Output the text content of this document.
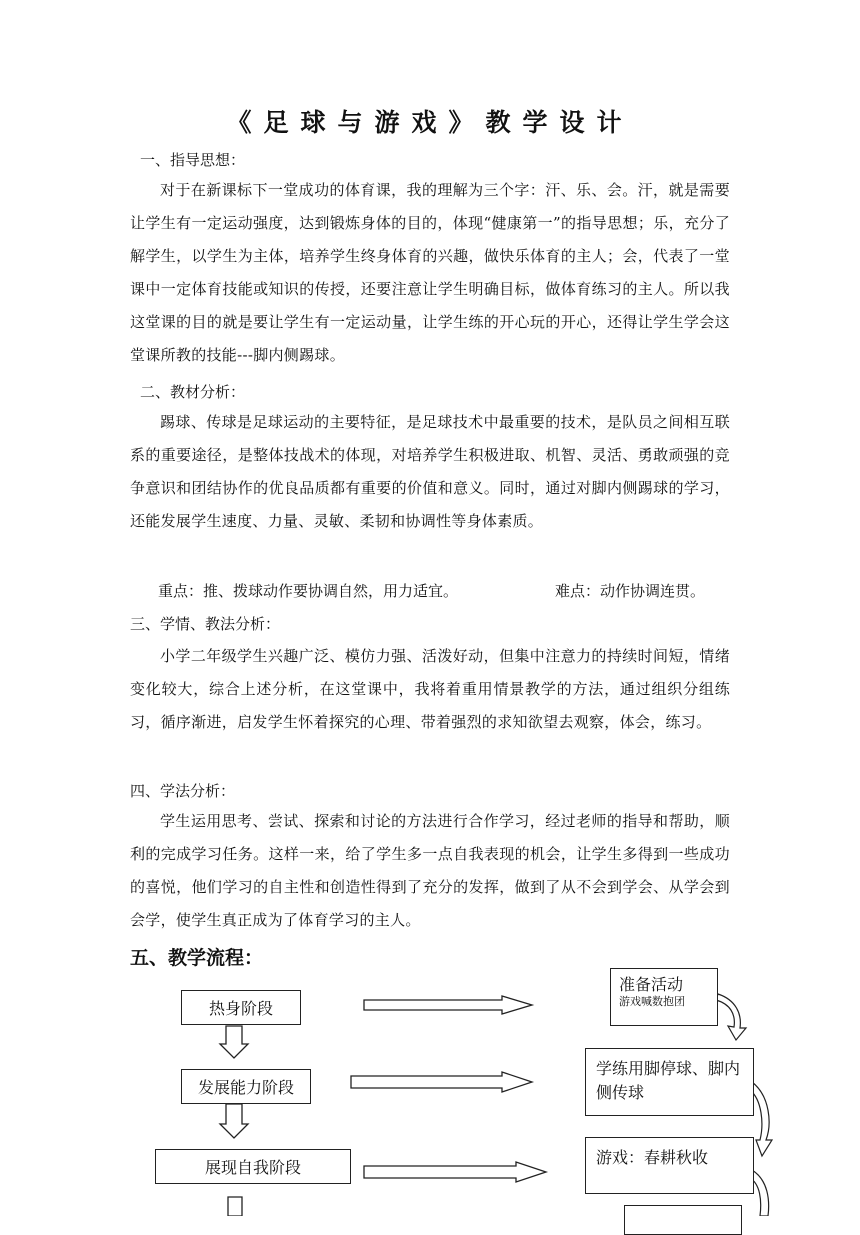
《足球与游戏》教学设计
一、指导思想：

对于在新课标下一堂成功的体育课，我的理解为三个字：汗、乐、会。汗，就是需要让学生有一定运动强度，达到锻炼身体的目的，体现“健康第一”的指导思想；乐，充分了解学生，以学生为主体，培养学生终身体育的兴趣，做快乐体育的主人；会，代表了一堂课中一定体育技能或知识的传授，还要注意让学生明确目标，做体育练习的主人。所以我这堂课的目的就是要让学生有一定运动量，让学生练的开心玩的开心，还得让学生学会这堂课所教的技能---脚内侧踢球。

二、教材分析：

踢球、传球是足球运动的主要特征，是足球技术中最重要的技术，是队员之间相互联系的重要途径，是整体技战术的体现，对培养学生积极进取、机智、灵活、勇敢顽强的竞争意识和团结协作的优良品质都有重要的价值和意义。同时，通过对脚内侧踢球的学习，还能发展学生速度、力量、灵敏、柔韧和协调性等身体素质。

重点：推、拨球动作要协调自然，用力适宜。	难点：动作协调连贯。
三、学情、教法分析：

小学二年级学生兴趣广泛、模仿力强、活泼好动，但集中注意力的持续时间短，情绪变化较大，综合上述分析，在这堂课中，我将着重用情景教学的方法，通过组织分组练习，循序渐进，启发学生怀着探究的心理、带着强烈的求知欲望去观察，体会，练习。

四、学法分析：

学生运用思考、尝试、探索和讨论的方法进行合作学习，经过老师的指导和帮助，顺利的完成学习任务。这样一来，给了学生多一点自我表现的机会，让学生多得到一些成功的喜悦，他们学习的自主性和创造性得到了充分的发挥，做到了从不会到学会、从学会到会学，使学生真正成为了体育学习的主人。

五、教学流程：
热身阶段
发展能力阶段
展现自我阶段
准备活动
游戏喊数抱团
学练用脚停球、脚内侧传球
游戏：春耕秋收
